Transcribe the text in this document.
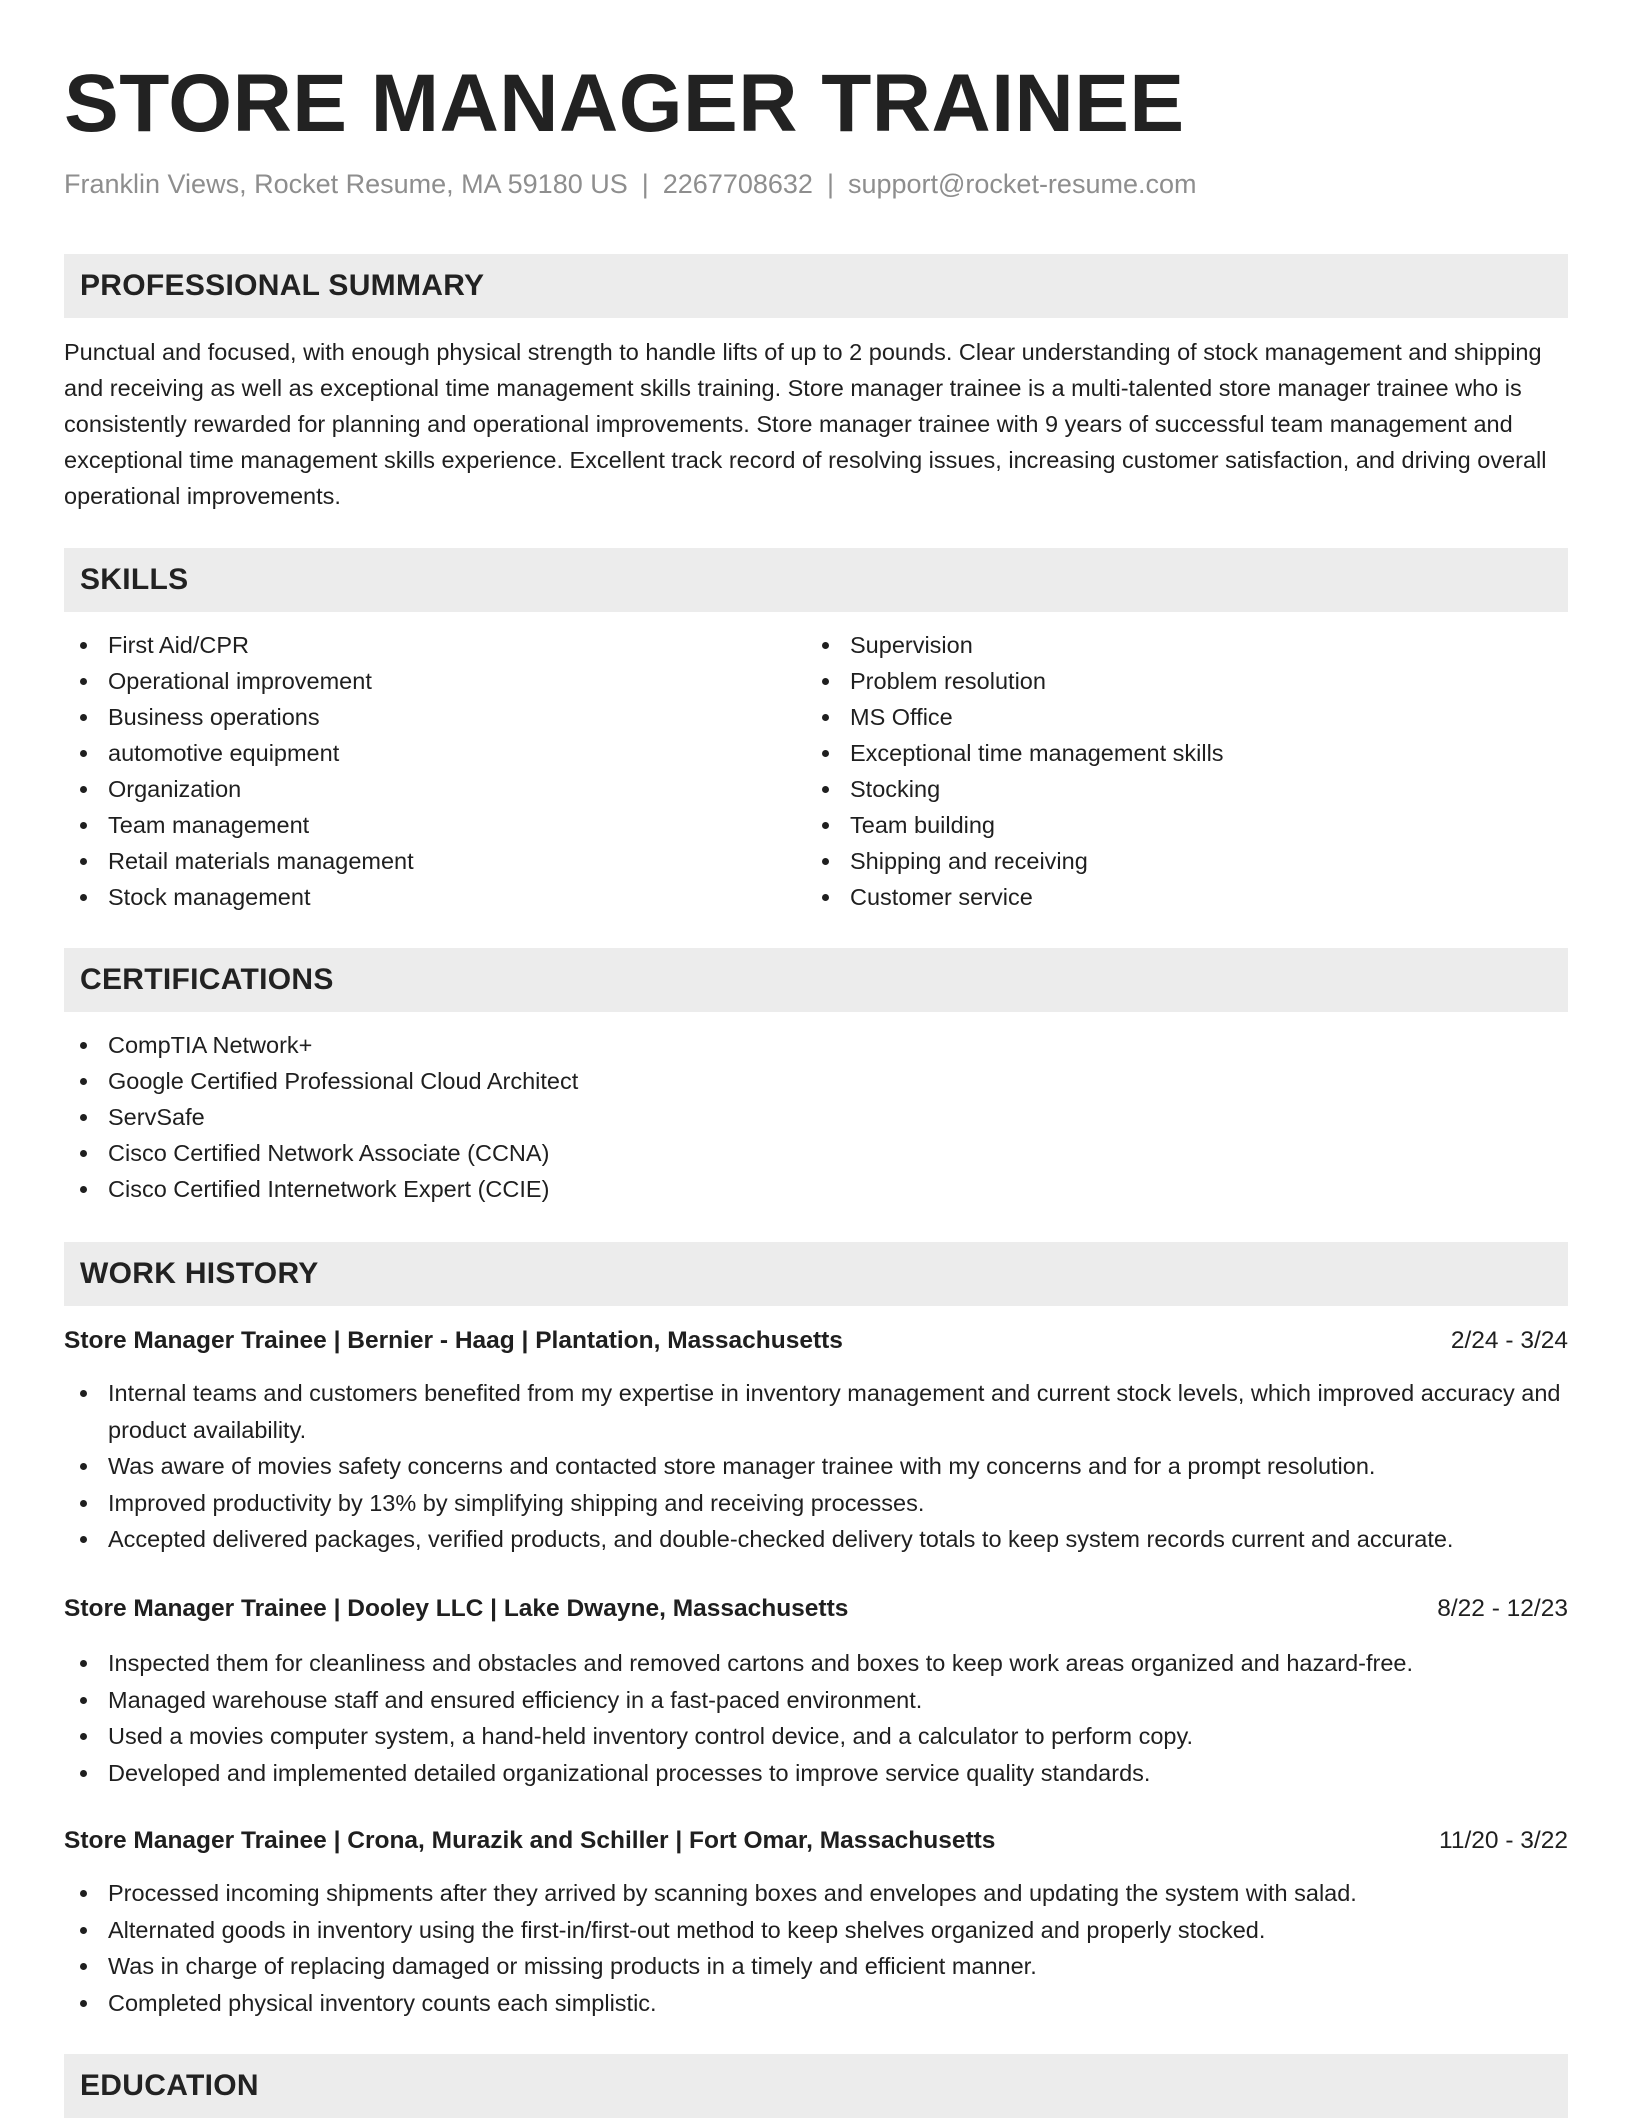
STORE MANAGER TRAINEE
Franklin Views, Rocket Resume, MA 59180 US | 2267708632 | support@rocket-resume.com
PROFESSIONAL SUMMARY
Punctual and focused, with enough physical strength to handle lifts of up to 2 pounds. Clear understanding of stock management and shipping and receiving as well as exceptional time management skills training. Store manager trainee is a multi-talented store manager trainee who is consistently rewarded for planning and operational improvements. Store manager trainee with 9 years of successful team management and exceptional time management skills experience. Excellent track record of resolving issues, increasing customer satisfaction, and driving overall operational improvements.
SKILLS
First Aid/CPR
Operational improvement
Business operations
automotive equipment
Organization
Team management
Retail materials management
Stock management
Supervision
Problem resolution
MS Office
Exceptional time management skills
Stocking
Team building
Shipping and receiving
Customer service
CERTIFICATIONS
CompTIA Network+
Google Certified Professional Cloud Architect
ServSafe
Cisco Certified Network Associate (CCNA)
Cisco Certified Internetwork Expert (CCIE)
WORK HISTORY
Store Manager Trainee | Bernier - Haag | Plantation, Massachusetts	2/24 - 3/24
Internal teams and customers benefited from my expertise in inventory management and current stock levels, which improved accuracy and product availability.
Was aware of movies safety concerns and contacted store manager trainee with my concerns and for a prompt resolution.
Improved productivity by 13% by simplifying shipping and receiving processes.
Accepted delivered packages, verified products, and double-checked delivery totals to keep system records current and accurate.
Store Manager Trainee | Dooley LLC | Lake Dwayne, Massachusetts	8/22 - 12/23
Inspected them for cleanliness and obstacles and removed cartons and boxes to keep work areas organized and hazard-free.
Managed warehouse staff and ensured efficiency in a fast-paced environment.
Used a movies computer system, a hand-held inventory control device, and a calculator to perform copy.
Developed and implemented detailed organizational processes to improve service quality standards.
Store Manager Trainee | Crona, Murazik and Schiller | Fort Omar, Massachusetts	11/20 - 3/22
Processed incoming shipments after they arrived by scanning boxes and envelopes and updating the system with salad.
Alternated goods in inventory using the first-in/first-out method to keep shelves organized and properly stocked.
Was in charge of replacing damaged or missing products in a timely and efficient manner.
Completed physical inventory counts each simplistic.
EDUCATION
